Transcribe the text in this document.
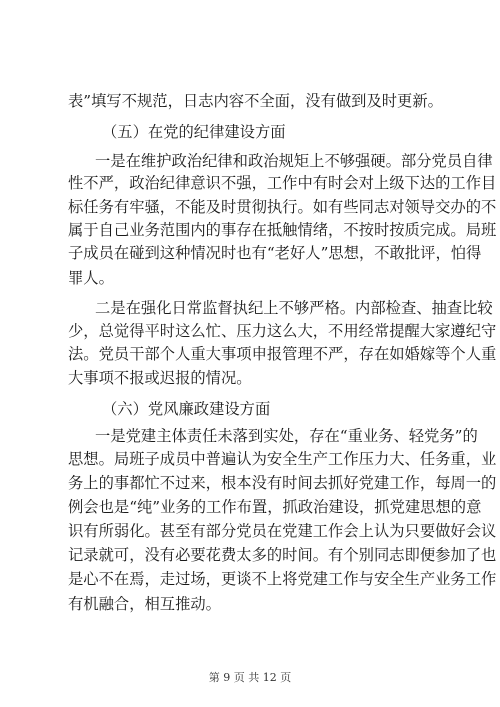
表”填写不规范，日志内容不全面，没有做到及时更新。
（五）在党的纪律建设方面
一是在维护政治纪律和政治规矩上不够强硬。部分党员自律
性不严，政治纪律意识不强，工作中有时会对上级下达的工作目
标任务有牢骚，不能及时贯彻执行。如有些同志对领导交办的不
属于自己业务范围内的事存在抵触情绪，不按时按质完成。局班
子成员在碰到这种情况时也有“老好人”思想，不敢批评，怕得
罪人。
二是在强化日常监督执纪上不够严格。内部检查、抽查比较
少，总觉得平时这么忙、压力这么大，不用经常提醒大家遵纪守
法。党员干部个人重大事项申报管理不严，存在如婚嫁等个人重
大事项不报或迟报的情况。
（六）党风廉政建设方面
一是党建主体责任未落到实处，存在“重业务、轻党务”的
思想。局班子成员中普遍认为安全生产工作压力大、任务重，业
务上的事都忙不过来，根本没有时间去抓好党建工作，每周一的
例会也是“纯”业务的工作布置，抓政治建设，抓党建思想的意
识有所弱化。甚至有部分党员在党建工作会上认为只要做好会议
记录就可，没有必要花费太多的时间。有个别同志即便参加了也
是心不在焉，走过场，更谈不上将党建工作与安全生产业务工作
有机融合，相互推动。
第 9 页 共 12 页
